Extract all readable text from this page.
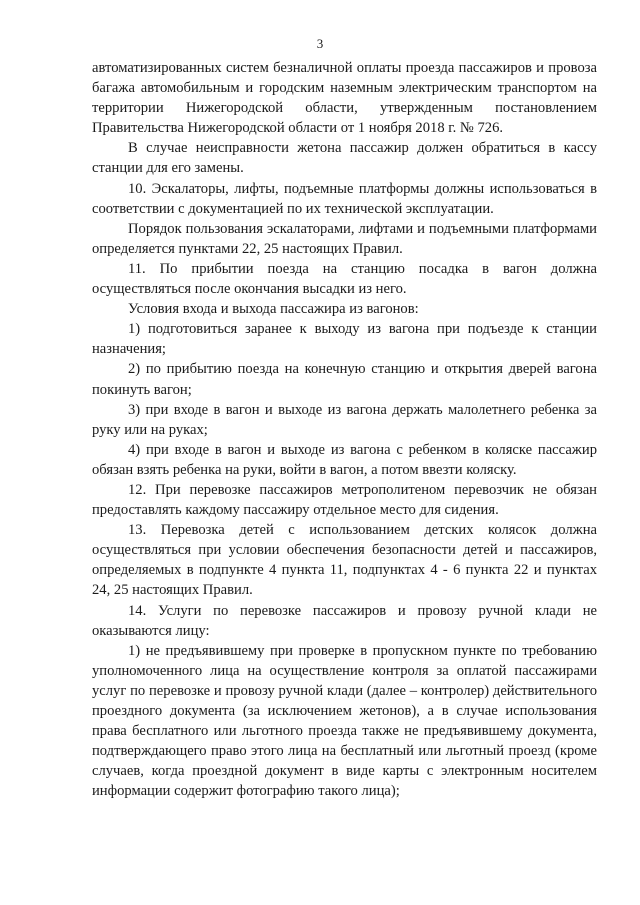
3

автоматизированных систем безналичной оплаты проезда пассажиров и провоза багажа автомобильным и городским наземным электрическим транспортом на территории Нижегородской области, утвержденным постановлением Правительства Нижегородской области от 1 ноября 2018 г. № 726.

В случае неисправности жетона пассажир должен обратиться в кассу станции для его замены.

10. Эскалаторы, лифты, подъемные платформы должны использоваться в соответствии с документацией по их технической эксплуатации.

Порядок пользования эскалаторами, лифтами и подъемными платформами определяется пунктами 22, 25 настоящих Правил.

11. По прибытии поезда на станцию посадка в вагон должна осуществляться после окончания высадки из него.

Условия входа и выхода пассажира из вагонов:

1) подготовиться заранее к выходу из вагона при подъезде к станции назначения;

2) по прибытию поезда на конечную станцию и открытия дверей вагона покинуть вагон;

3) при входе в вагон и выходе из вагона держать малолетнего ребенка за руку или на руках;

4) при входе в вагон и выходе из вагона с ребенком в коляске пассажир обязан взять ребенка на руки, войти в вагон, а потом ввезти коляску.

12. При перевозке пассажиров метрополитеном перевозчик не обязан предоставлять каждому пассажиру отдельное место для сидения.

13. Перевозка детей с использованием детских колясок должна осуществляться при условии обеспечения безопасности детей и пассажиров, определяемых в подпункте 4 пункта 11, подпунктах 4 - 6 пункта 22 и пунктах 24, 25 настоящих Правил.

14. Услуги по перевозке пассажиров и провозу ручной клади не оказываются лицу:

1) не предъявившему при проверке в пропускном пункте по требованию уполномоченного лица на осуществление контроля за оплатой пассажирами услуг по перевозке и провозу ручной клади (далее – контролер) действительного проездного документа (за исключением жетонов), а в случае использования права бесплатного или льготного проезда также не предъявившему документа, подтверждающего право этого лица на бесплатный или льготный проезд (кроме случаев, когда проездной документ в виде карты с электронным носителем информации содержит фотографию такого лица);
